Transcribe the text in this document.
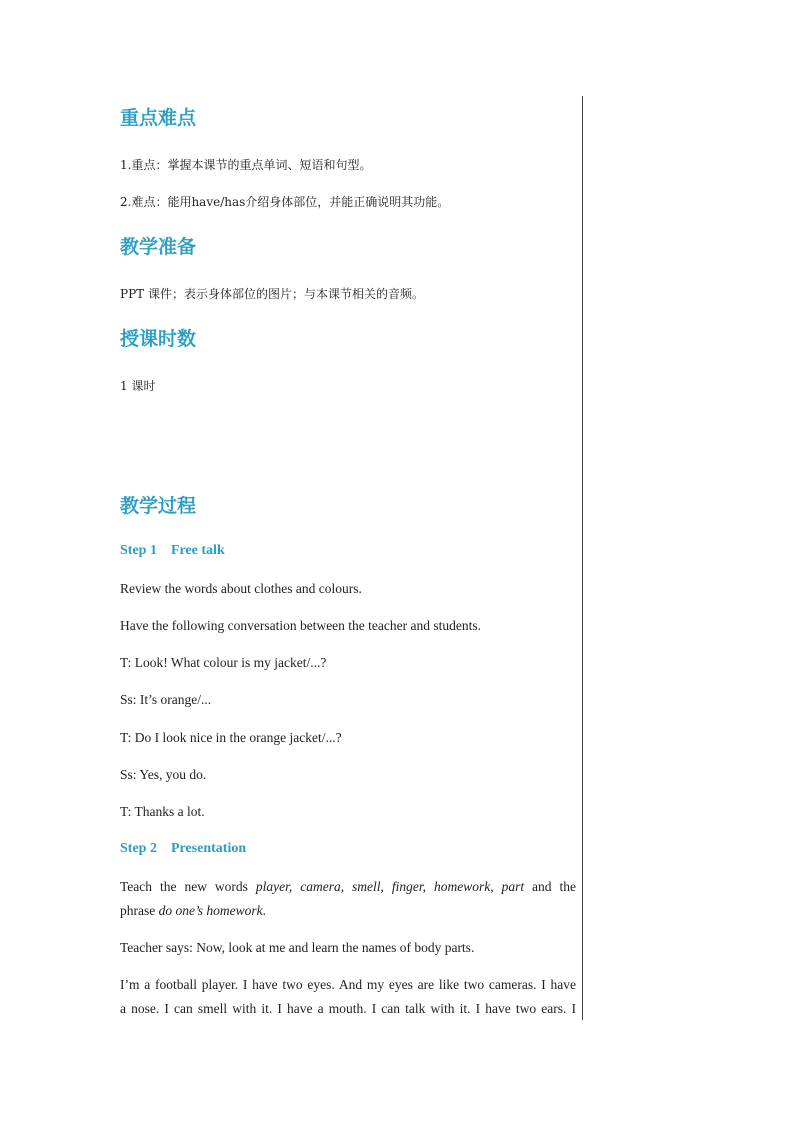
重点难点
1.重点：掌握本课节的重点单词、短语和句型。
2.难点：能用have/has介绍身体部位，并能正确说明其功能。
教学准备
PPT 课件；表示身体部位的图片；与本课节相关的音频。
授课时数
1 课时
教学过程
Step 1    Free talk
Review the words about clothes and colours.
Have the following conversation between the teacher and students.
T: Look! What colour is my jacket/...?
Ss: It’s orange/...
T: Do I look nice in the orange jacket/...?
Ss: Yes, you do.
T: Thanks a lot.
Step 2    Presentation
Teach the new words player, camera, smell, finger, homework, part and the
phrase do one’s homework.
Teacher says: Now, look at me and learn the names of body parts.
I’m a football player. I have two eyes. And my eyes are like two cameras. I have
a nose. I can smell with it. I have a mouth. I can talk with it. I have two ears. I
